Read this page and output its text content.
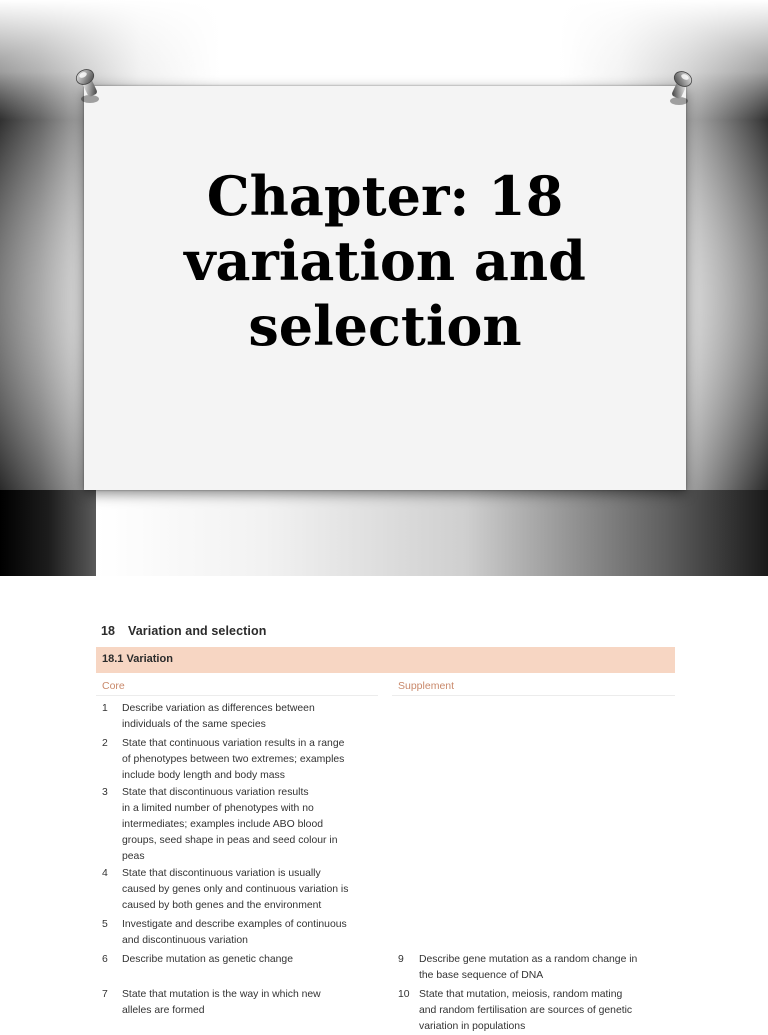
Chapter: 18
variation and
selection
18 Variation and selection
18.1 Variation
Core	Supplement
1 Describe variation as differences between
individuals of the same species
2 State that continuous variation results in a range
of phenotypes between two extremes; examples
include body length and body mass
3 State that discontinuous variation results
in a limited number of phenotypes with no
intermediates; examples include ABO blood
groups, seed shape in peas and seed colour in
peas
4 State that discontinuous variation is usually
caused by genes only and continuous variation is
caused by both genes and the environment
5 Investigate and describe examples of continuous
and discontinuous variation
6 Describe mutation as genetic change
7 State that mutation is the way in which new
alleles are formed
9 Describe gene mutation as a random change in
the base sequence of DNA
10 State that mutation, meiosis, random mating
and random fertilisation are sources of genetic
variation in populations
